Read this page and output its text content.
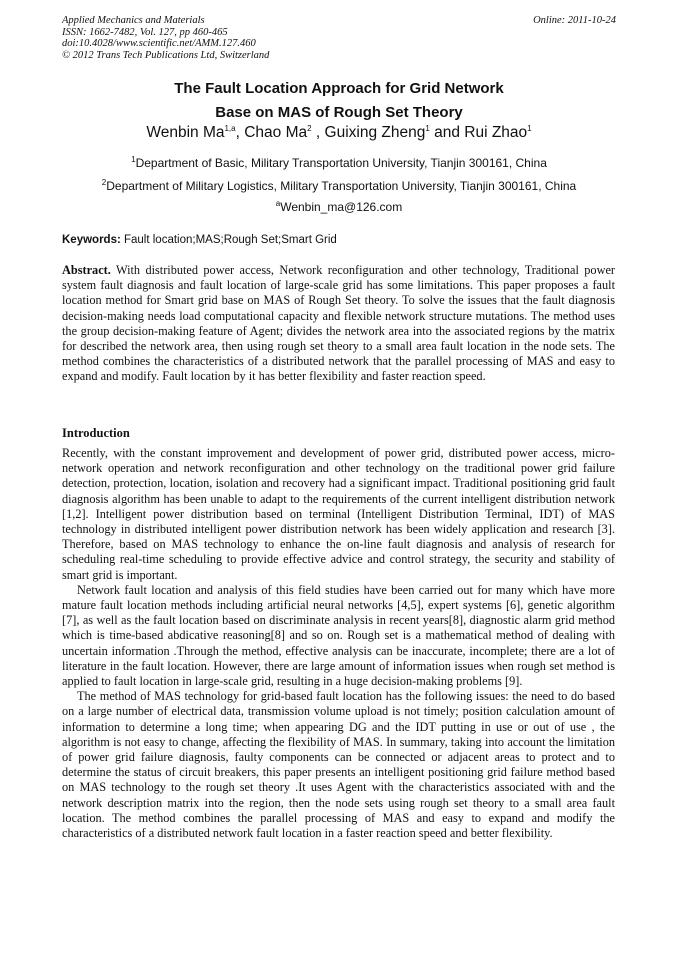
Applied Mechanics and Materials
ISSN: 1662-7482, Vol. 127, pp 460-465
doi:10.4028/www.scientific.net/AMM.127.460
© 2012 Trans Tech Publications Ltd, Switzerland
Online: 2011-10-24
The Fault Location Approach for Grid Network
Base on MAS of Rough Set Theory
Wenbin Ma$^{1,a}$, Chao Ma$^2$ , Guixing Zheng$^1$ and Rui Zhao$^1$
$^1$Department of Basic, Military Transportation University, Tianjin 300161, China
$^2$Department of Military Logistics, Military Transportation University, Tianjin 300161, China
$^a$Wenbin_ma@126.com
Keywords: Fault location;MAS;Rough Set;Smart Grid

Abstract. With distributed power access, Network reconfiguration and other technology, Traditional power system fault diagnosis and fault location of large-scale grid has some limitations. This paper proposes a fault location method for Smart grid base on MAS of Rough Set theory. To solve the issues that the fault diagnosis decision-making needs load computational capacity and flexible network structure mutations. The method uses the group decision-making feature of Agent; divides the network area into the associated regions by the matrix for described the network area, then using rough set theory to a small area fault location in the node sets. The method combines the characteristics of a distributed network that the parallel processing of MAS and easy to expand and modify. Fault location by it has better flexibility and faster reaction speed.

Introduction

Recently, with the constant improvement and development of power grid, distributed power access, micro-network operation and network reconfiguration and other technology on the traditional power grid failure detection, protection, location, isolation and recovery had a significant impact. Traditional positioning grid fault diagnosis algorithm has been unable to adapt to the requirements of the current intelligent distribution network [1,2]. Intelligent power distribution based on terminal (Intelligent Distribution Terminal, IDT) of MAS technology in distributed intelligent power distribution network has been widely application and research [3]. Therefore, based on MAS technology to enhance the on-line fault diagnosis and analysis of research for scheduling real-time scheduling to provide effective advice and control strategy, the security and stability of smart grid is important.

Network fault location and analysis of this field studies have been carried out for many which have more mature fault location methods including artificial neural networks [4,5], expert systems [6], genetic algorithm [7], as well as the fault location based on discriminate analysis in recent years[8], diagnostic alarm grid method which is time-based abdicative reasoning[8] and so on. Rough set is a mathematical method of dealing with uncertain information .Through the method, effective analysis can be inaccurate, incomplete; there are a lot of literature in the fault location. However, there are large amount of information issues when rough set method is applied to fault location in large-scale grid, resulting in a huge decision-making problems [9].

The method of MAS technology for grid-based fault location has the following issues: the need to do based on a large number of electrical data, transmission volume upload is not timely; position calculation amount of information to determine a long time; when appearing DG and the IDT putting in use or out of use , the algorithm is not easy to change, affecting the flexibility of MAS. In summary, taking into account the limitation of power grid failure diagnosis, faulty components can be connected or adjacent areas to protect and to determine the status of circuit breakers, this paper presents an intelligent positioning grid failure method based on MAS technology to the rough set theory .It uses Agent with the characteristics associated with and the network description matrix into the region, then the node sets using rough set theory to a small area fault location. The method combines the parallel processing of MAS and easy to expand and modify the characteristics of a distributed network fault location in a faster reaction speed and better flexibility.
